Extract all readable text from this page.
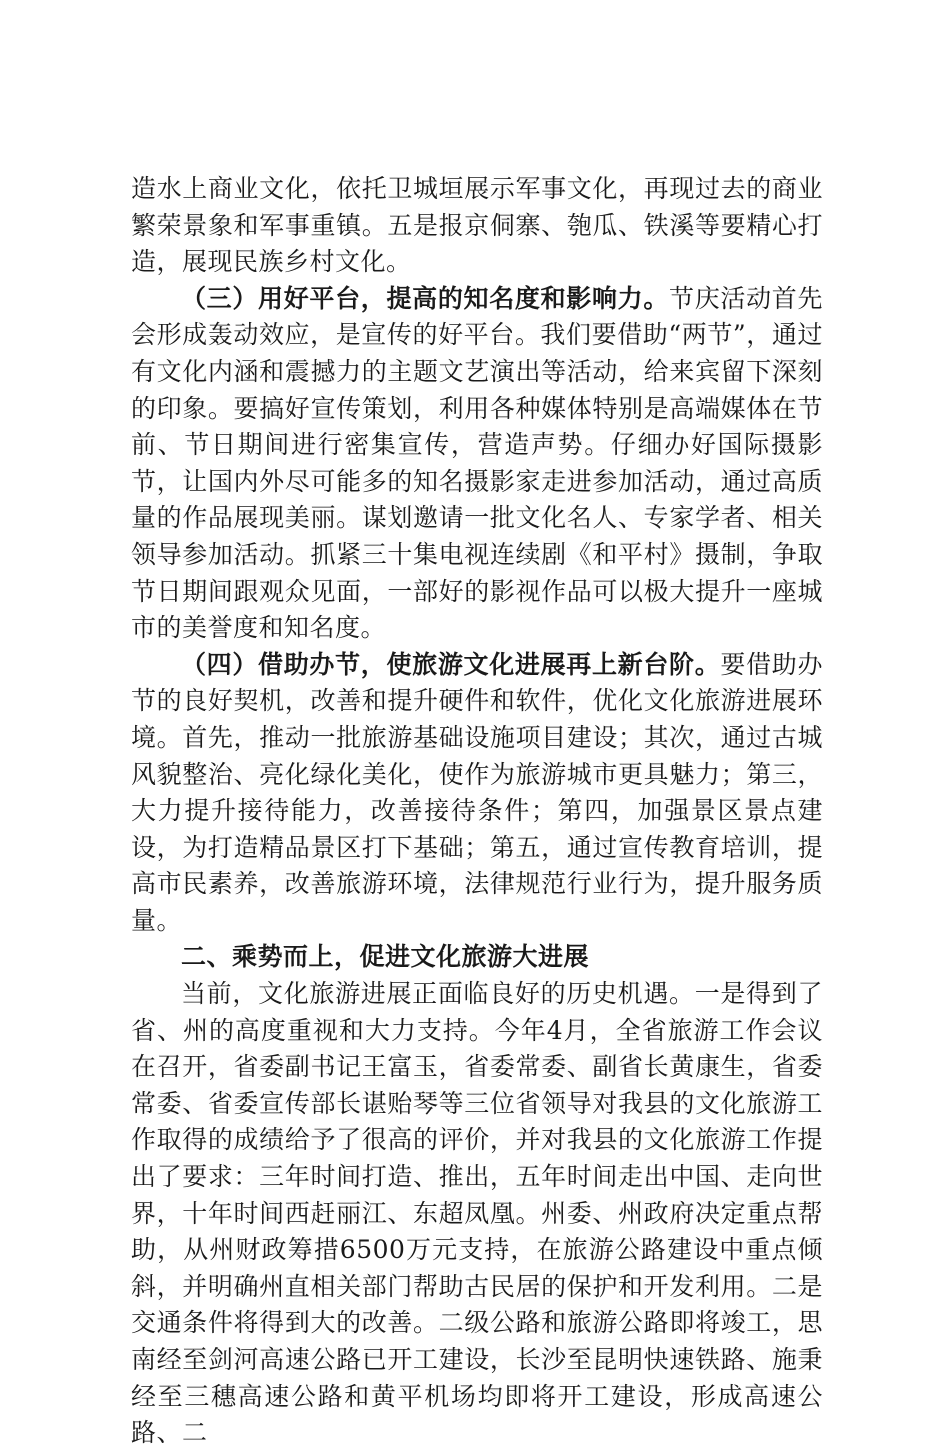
造水上商业文化，依托卫城垣展示军事文化，再现过去的商业繁荣景象和军事重镇。五是报京侗寨、匏瓜、铁溪等要精心打造，展现民族乡村文化。

（三）用好平台，提高的知名度和影响力。节庆活动首先会形成轰动效应，是宣传的好平台。我们要借助“两节”，通过有文化内涵和震撼力的主题文艺演出等活动，给来宾留下深刻的印象。要搞好宣传策划，利用各种媒体特别是高端媒体在节前、节日期间进行密集宣传，营造声势。仔细办好国际摄影节，让国内外尽可能多的知名摄影家走进参加活动，通过高质量的作品展现美丽。谋划邀请一批文化名人、专家学者、相关领导参加活动。抓紧三十集电视连续剧《和平村》摄制，争取节日期间跟观众见面，一部好的影视作品可以极大提升一座城市的美誉度和知名度。

（四）借助办节，使旅游文化进展再上新台阶。要借助办节的良好契机，改善和提升硬件和软件，优化文化旅游进展环境。首先，推动一批旅游基础设施项目建设；其次，通过古城风貌整治、亮化绿化美化，使作为旅游城市更具魅力；第三，大力提升接待能力，改善接待条件；第四，加强景区景点建设，为打造精品景区打下基础；第五，通过宣传教育培训，提高市民素养，改善旅游环境，法律规范行业行为，提升服务质量。

二、乘势而上，促进文化旅游大进展

当前，文化旅游进展正面临良好的历史机遇。一是得到了省、州的高度重视和大力支持。今年4月，全省旅游工作会议在召开，省委副书记王富玉，省委常委、副省长黄康生，省委常委、省委宣传部长谌贻琴等三位省领导对我县的文化旅游工作取得的成绩给予了很高的评价，并对我县的文化旅游工作提出了要求：三年时间打造、推出，五年时间走出中国、走向世界，十年时间西赶丽江、东超凤凰。州委、州政府决定重点帮助，从州财政筹措6500万元支持，在旅游公路建设中重点倾斜，并明确州直相关部门帮助古民居的保护和开发利用。二是交通条件将得到大的改善。二级公路和旅游公路即将竣工，思南经至剑河高速公路已开工建设，长沙至昆明快速铁路、施秉经至三穗高速公路和黄平机场均即将开工建设，形成高速公路、二
